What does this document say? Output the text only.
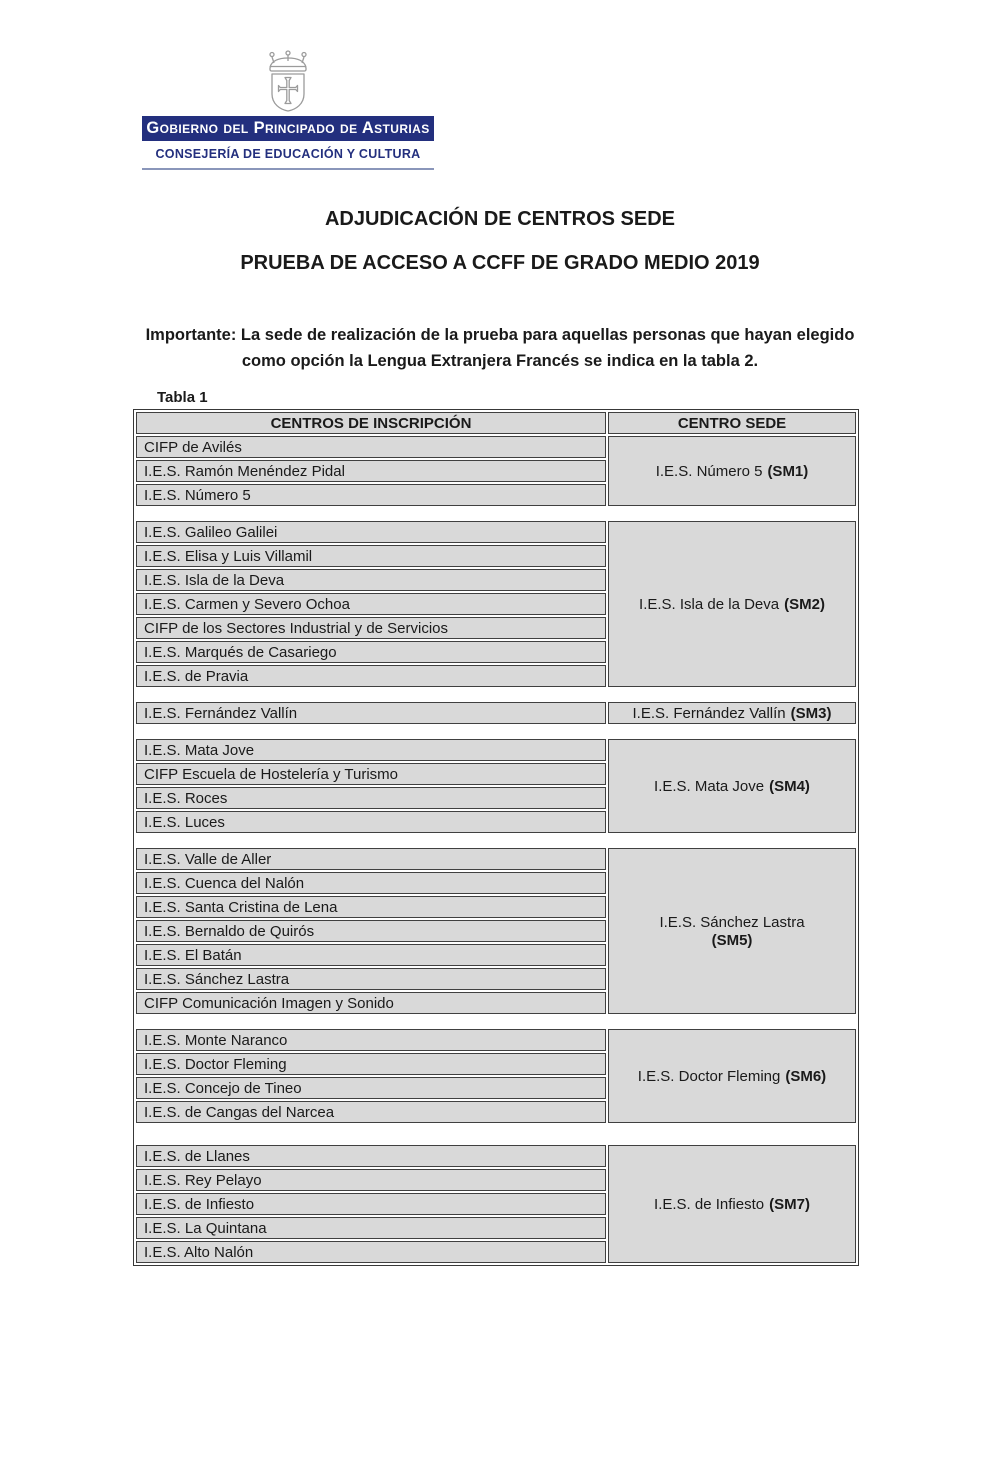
Gobierno del Principado de Asturias
CONSEJERÍA DE EDUCACIÓN Y CULTURA
ADJUDICACIÓN DE CENTROS SEDE
PRUEBA DE ACCESO A CCFF DE GRADO MEDIO 2019

Importante: La sede de realización de la prueba para aquellas personas que hayan elegido como opción la Lengua Extranjera Francés se indica en la tabla 2.

Tabla 1
CENTROS DE INSCRIPCIÓN	CENTRO SEDE
CIFP de Avilés
I.E.S. Ramón Menéndez Pidal
I.E.S. Número 5
I.E.S. Número 5 (SM1)
I.E.S. Galileo Galilei
I.E.S. Elisa y Luis Villamil
I.E.S. Isla de la Deva
I.E.S. Carmen y Severo Ochoa
CIFP de los Sectores Industrial y de Servicios
I.E.S. Marqués de Casariego
I.E.S. de Pravia
I.E.S. Isla de la Deva (SM2)
I.E.S. Fernández Vallín	I.E.S. Fernández Vallín (SM3)
I.E.S. Mata Jove
CIFP Escuela de Hostelería y Turismo
I.E.S. Roces
I.E.S. Luces
I.E.S. Mata Jove (SM4)
I.E.S. Valle de Aller
I.E.S. Cuenca del Nalón
I.E.S. Santa Cristina de Lena
I.E.S. Bernaldo de Quirós
I.E.S. El Batán
I.E.S. Sánchez Lastra
CIFP Comunicación Imagen y Sonido
I.E.S. Sánchez Lastra
(SM5)
I.E.S. Monte Naranco
I.E.S. Doctor Fleming
I.E.S. Concejo de Tineo
I.E.S. de Cangas del Narcea
I.E.S. Doctor Fleming (SM6)
I.E.S. de Llanes
I.E.S. Rey Pelayo
I.E.S. de Infiesto
I.E.S. La Quintana
I.E.S. Alto Nalón
I.E.S. de Infiesto (SM7)
